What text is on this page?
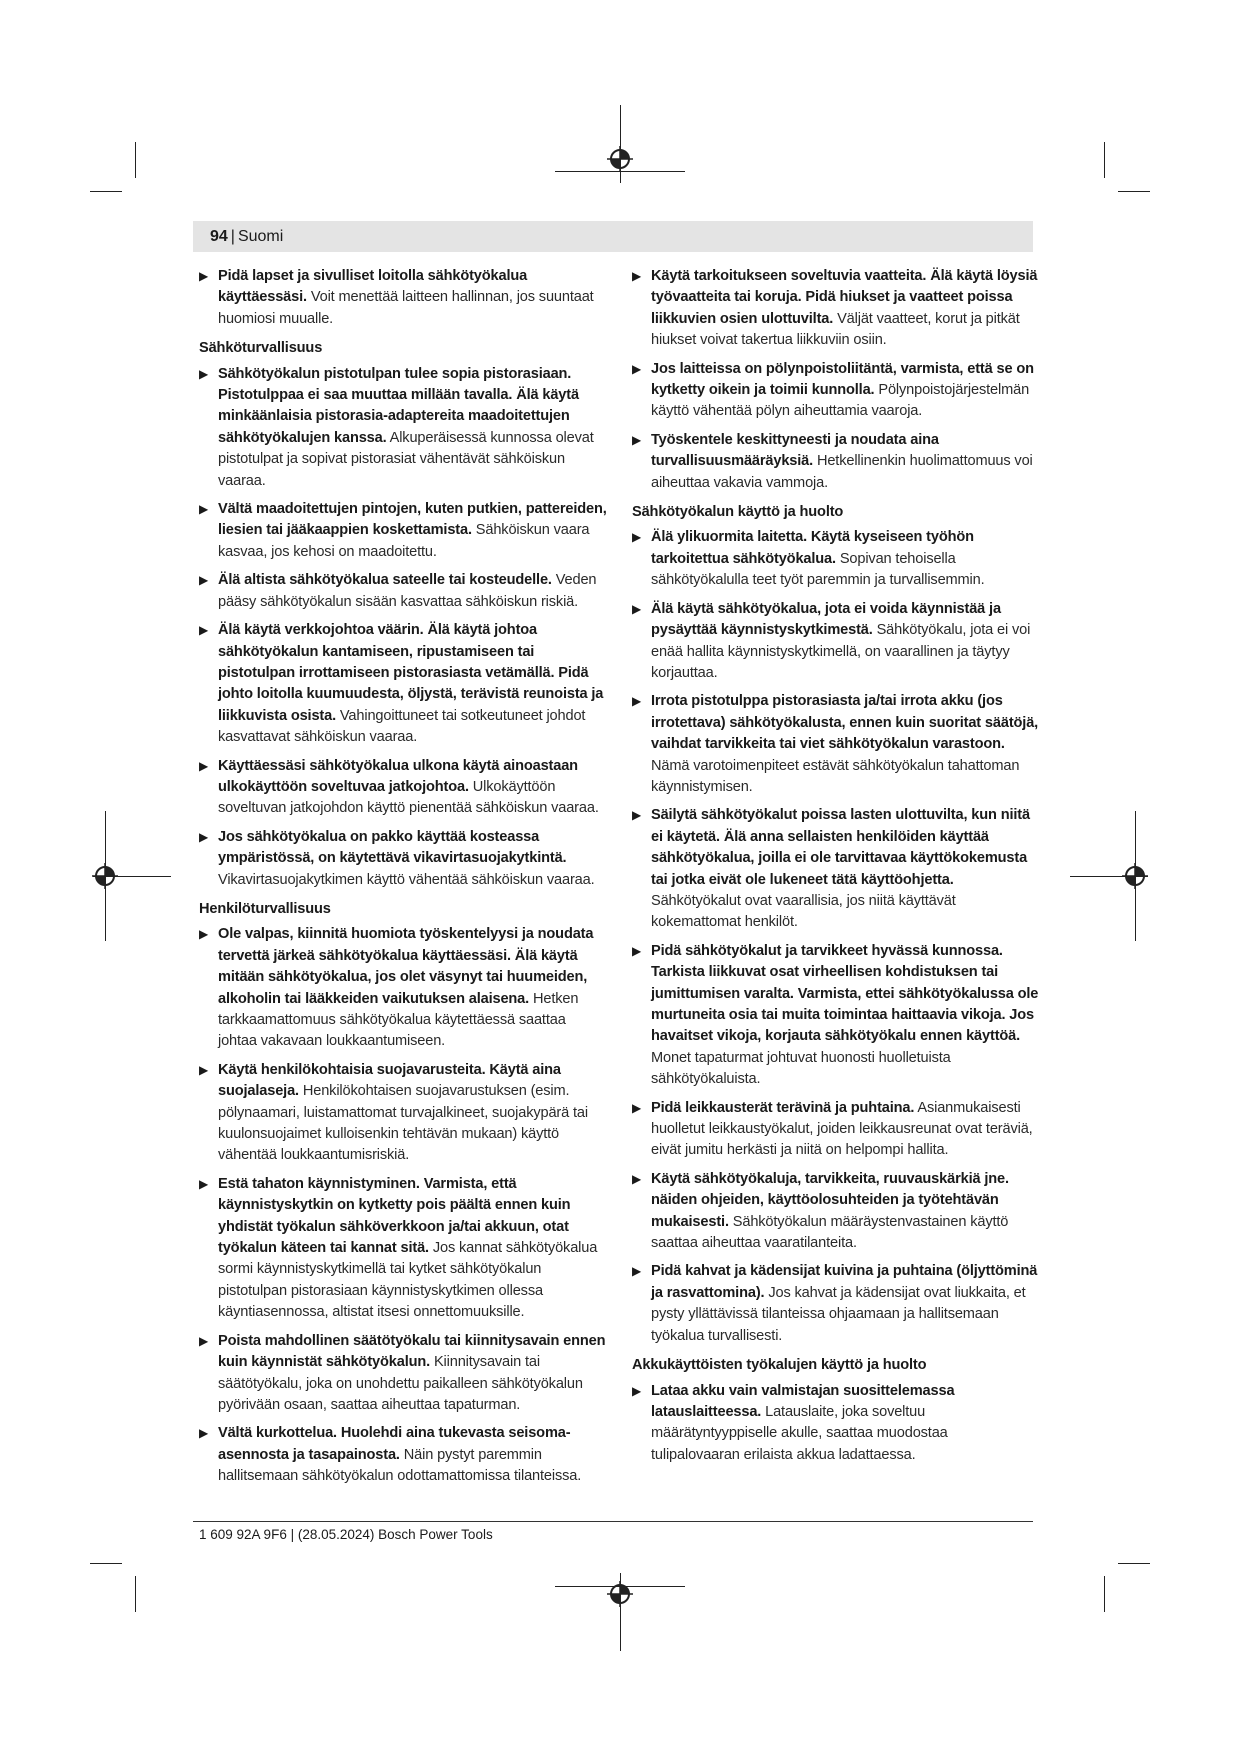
94 | Suomi
▶ Pidä lapset ja sivulliset loitolla sähkötyökalua käyttäessäsi. Voit menettää laitteen hallinnan, jos suuntaat huomiosi muualle.
Sähköturvallisuus
▶ Sähkötyökalun pistotulpan tulee sopia pistorasiaan. Pistotulppaa ei saa muuttaa millään tavalla. Älä käytä minkäänlaisia pistorasia-adaptereita maadoitettujen sähkötyökalujen kanssa. Alkuperäisessä kunnossa olevat pistotulpat ja sopivat pistorasiat vähentävät sähköiskun vaaraa.
▶ Vältä maadoitettujen pintojen, kuten putkien, pattereiden, liesien tai jääkaappien koskettamista. Sähköiskun vaara kasvaa, jos kehosi on maadoitettu.
▶ Älä altista sähkötyökalua sateelle tai kosteudelle. Veden pääsy sähkötyökalun sisään kasvattaa sähköiskun riskiä.
▶ Älä käytä verkkojohtoa väärin. Älä käytä johtoa sähkötyökalun kantamiseen, ripustamiseen tai pistotulpan irrottamiseen pistorasiasta vetämällä. Pidä johto loitolla kuumuudesta, öljystä, terävistä reunoista ja liikkuvista osista. Vahingoittuneet tai sotkeutuneet johdot kasvattavat sähköiskun vaaraa.
▶ Käyttäessäsi sähkötyökalua ulkona käytä ainoastaan ulkokäyttöön soveltuvaa jatkojohtoa. Ulkokäyttöön soveltuvan jatkojohdon käyttö pienentää sähköiskun vaaraa.
▶ Jos sähkötyökalua on pakko käyttää kosteassa ympäristössä, on käytettävä vikavirtasuojakytkintä. Vikavirtasuojakytkimen käyttö vähentää sähköiskun vaaraa.
Henkilöturvallisuus
▶ Ole valpas, kiinnitä huomiota työskentelyysi ja noudata tervettä järkeä sähkötyökalua käyttäessäsi. Älä käytä mitään sähkötyökalua, jos olet väsynyt tai huumeiden, alkoholin tai lääkkeiden vaikutuksen alaisena. Hetken tarkkaamattomuus sähkötyökalua käytettäessä saattaa johtaa vakavaan loukkaantumiseen.
▶ Käytä henkilökohtaisia suojavarusteita. Käytä aina suojalaseja. Henkilökohtaisen suojavarustuksen (esim. pölynaamari, luistamattomat turvajalkineet, suojakypärä tai kuulonsuojaimet kulloisenkin tehtävän mukaan) käyttö vähentää loukkaantumisriskiä.
▶ Estä tahaton käynnistyminen. Varmista, että käynnistyskytkin on kytketty pois päältä ennen kuin yhdistät työkalun sähköverkkoon ja/tai akkuun, otat työkalun käteen tai kannat sitä. Jos kannat sähkötyökalua sormi käynnistyskytkimellä tai kytket sähkötyökalun pistotulpan pistorasiaan käynnistyskytkimen ollessa käyntiasennossa, altistat itsesi onnettomuuksille.
▶ Poista mahdollinen säätötyökalu tai kiinnitysavain ennen kuin käynnistät sähkötyökalun. Kiinnitysavain tai säätötyökalu, joka on unohdettu paikalleen sähkötyökalun pyörivään osaan, saattaa aiheuttaa tapaturman.
▶ Vältä kurkottelua. Huolehdi aina tukevasta seisoma-asennosta ja tasapainosta. Näin pystyt paremmin hallitsemaan sähkötyökalun odottamattomissa tilanteissa.
▶ Käytä tarkoitukseen soveltuvia vaatteita. Älä käytä löysiä työvaatteita tai koruja. Pidä hiukset ja vaatteet poissa liikkuvien osien ulottuvilta. Väljät vaatteet, korut ja pitkät hiukset voivat takertua liikkuviin osiin.
▶ Jos laitteissa on pölynpoistoliitäntä, varmista, että se on kytketty oikein ja toimii kunnolla. Pölynpoistojärjestelmän käyttö vähentää pölyn aiheuttamia vaaroja.
▶ Työskentele keskittyneesti ja noudata aina turvallisuusmääräyksiä. Hetkellinenkin huolimattomuus voi aiheuttaa vakavia vammoja.
Sähkötyökalun käyttö ja huolto
▶ Älä ylikuormita laitetta. Käytä kyseiseen työhön tarkoitettua sähkötyökalua. Sopivan tehoisella sähkötyökalulla teet työt paremmin ja turvallisemmin.
▶ Älä käytä sähkötyökalua, jota ei voida käynnistää ja pysäyttää käynnistyskytkimestä. Sähkötyökalu, jota ei voi enää hallita käynnistyskytkimellä, on vaarallinen ja täytyy korjauttaa.
▶ Irrota pistotulppa pistorasiasta ja/tai irrota akku (jos irrotettava) sähkötyökalusta, ennen kuin suoritat säätöjä, vaihdat tarvikkeita tai viet sähkötyökalun varastoon. Nämä varotoimenpiteet estävät sähkötyökalun tahattoman käynnistymisen.
▶ Säilytä sähkötyökalut poissa lasten ulottuvilta, kun niitä ei käytetä. Älä anna sellaisten henkilöiden käyttää sähkötyökalua, joilla ei ole tarvittavaa käyttökokemusta tai jotka eivät ole lukeneet tätä käyttöohjetta. Sähkötyökalut ovat vaarallisia, jos niitä käyttävät kokemattomat henkilöt.
▶ Pidä sähkötyökalut ja tarvikkeet hyvässä kunnossa. Tarkista liikkuvat osat virheellisen kohdistuksen tai jumittumisen varalta. Varmista, ettei sähkötyökalussa ole murtuneita osia tai muita toimintaa haittaavia vikoja. Jos havaitset vikoja, korjauta sähkötyökalu ennen käyttöä. Monet tapaturmat johtuvat huonosti huolletuista sähkötyökaluista.
▶ Pidä leikkausterät terävinä ja puhtaina. Asianmukaisesti huolletut leikkaustyökalut, joiden leikkausreunat ovat teräviä, eivät jumitu herkästi ja niitä on helpompi hallita.
▶ Käytä sähkötyökaluja, tarvikkeita, ruuvauskärkiä jne. näiden ohjeiden, käyttöolosuhteiden ja työtehtävän mukaisesti. Sähkötyökalun määräystenvastainen käyttö saattaa aiheuttaa vaaratilanteita.
▶ Pidä kahvat ja kädensijat kuivina ja puhtaina (öljyttöminä ja rasvattomina). Jos kahvat ja kädensijat ovat liukkaita, et pysty yllättävissä tilanteissa ohjaamaan ja hallitsemaan työkalua turvallisesti.
Akkukäyttöisten työkalujen käyttö ja huolto
▶ Lataa akku vain valmistajan suosittelemassa latauslaitteessa. Latauslaite, joka soveltuu määrätyntyyppiselle akulle, saattaa muodostaa tulipalovaaran erilaista akkua ladattaessa.
1 609 92A 9F6 | (28.05.2024) Bosch Power Tools
